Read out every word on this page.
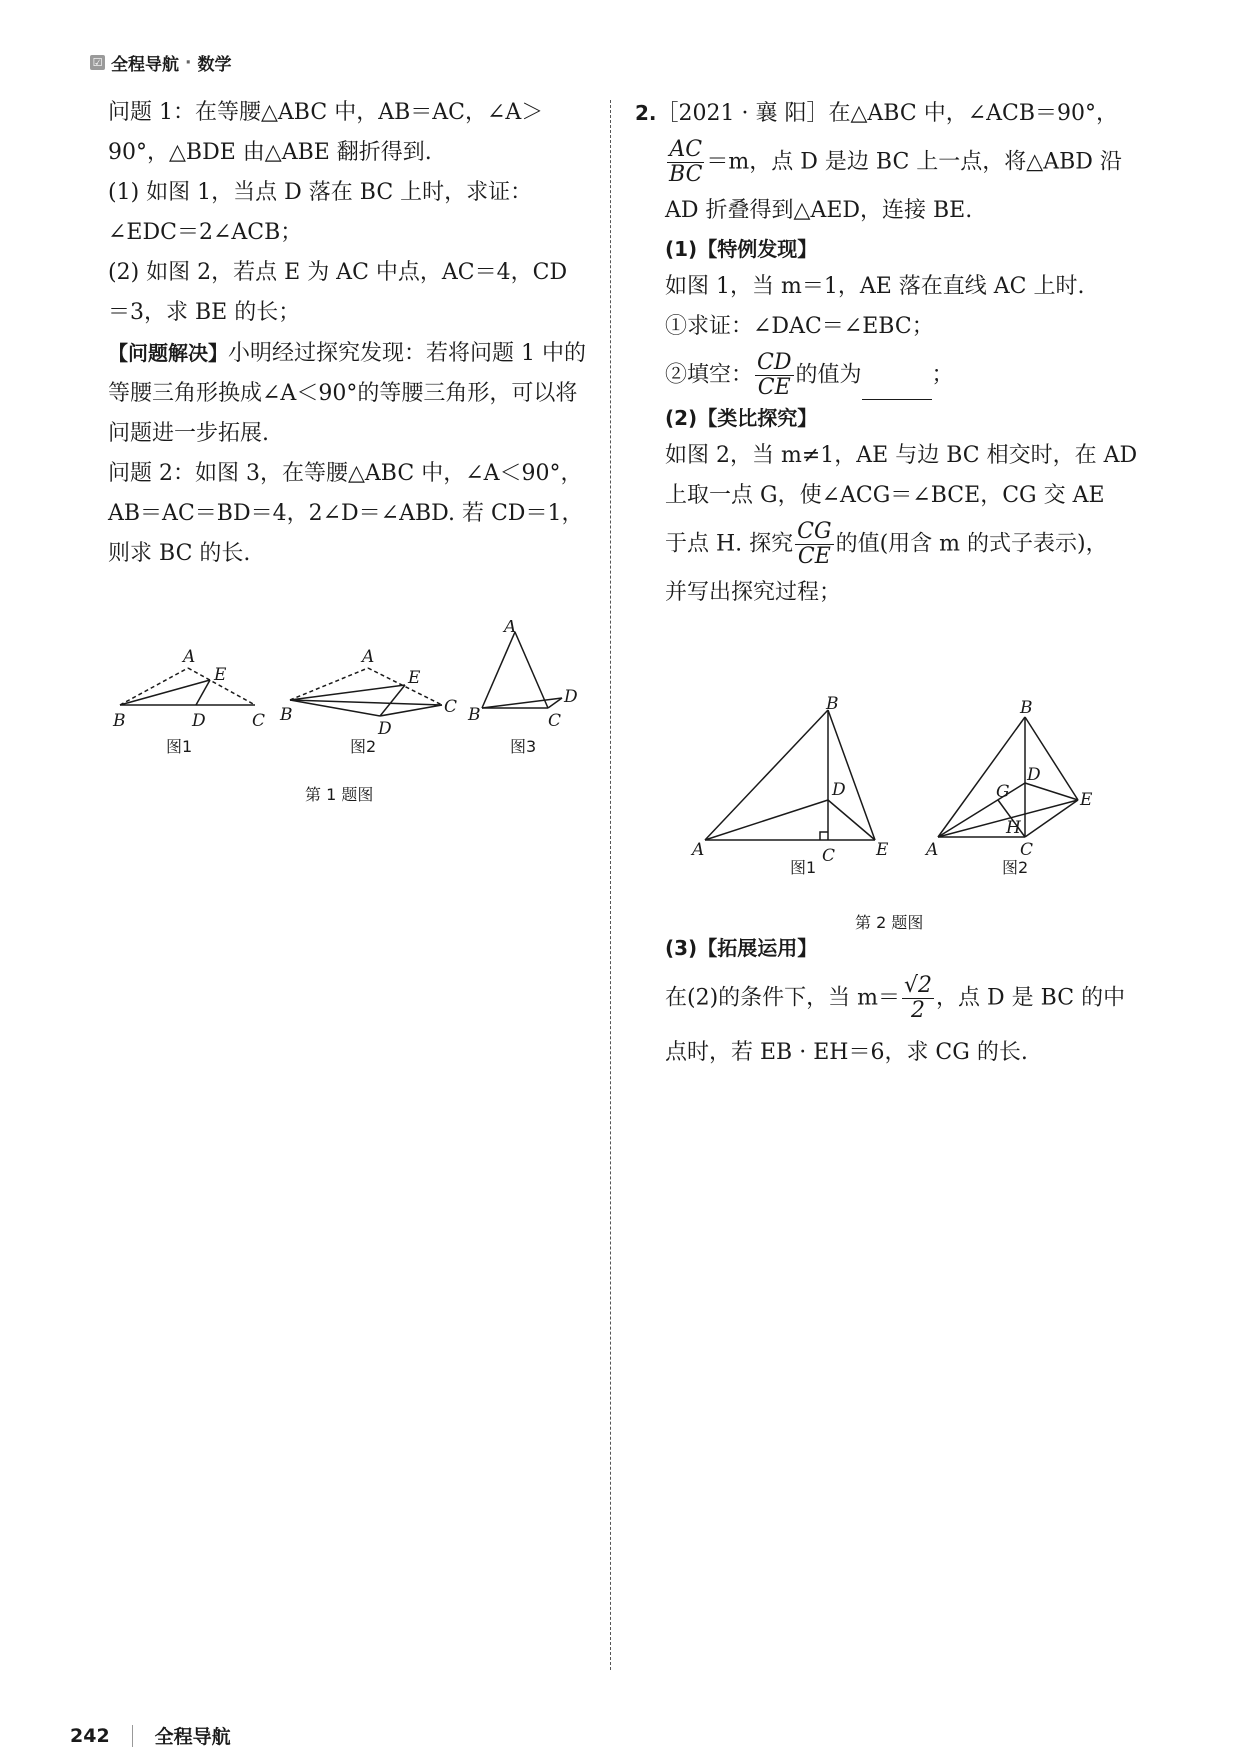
☑ 全程导航 · 数学

问题 1：在等腰△ABC 中，AB＝AC，∠A＞90°，△BDE 由△ABE 翻折得到.

(1) 如图 1，当点 D 落在 BC 上时，求证：

∠EDC＝2∠ACB；

(2) 如图 2，若点 E 为 AC 中点，AC＝4，CD＝3，求 BE 的长；

【问题解决】小明经过探究发现：若将问题 1 中的等腰三角形换成∠A＜90°的等腰三角形，可以将问题进一步拓展.

问题 2：如图 3，在等腰△ABC 中，∠A＜90°，AB＝AC＝BD＝4，2∠D＝∠ABD. 若 CD＝1，则求 BC 的长.

A
E
B	D	C
图1
A
E
B	C
D
图2
A
B	C
D
图3
第 1 题图

2.［2021 · 襄 阳］在△ABC 中，∠ACB＝90°，

$\frac{AC}{BC} =m$，点 D 是边 BC 上一点，将△ABD 沿

AD 折叠得到△AED，连接 BE.

(1)【特例发现】

如图 1，当 m＝1，AE 落在直线 AC 上时.

①求证：∠DAC＝∠EBC；

②填空： $\frac{CD}{CE}$ 的值为	；

(2)【类比探究】

如图 2，当 m≠1，AE 与边 BC 相交时，在 AD

上取一点 G，使∠ACG＝∠BCE，CG 交 AE

于点 H. 探究 $\frac{CG}{CE}$ 的值(用含 m 的式子表示)，

并写出探究过程；

B
D
A	C E
图1
B
D
G
H
E
A	C
图2
第 2 题图

(3)【拓展运用】

在(2)的条件下，当 $m= \frac{√2}{2}$ ，点 D 是 BC 的中

点时，若 EB · EH＝6，求 CG 的长.

242 全程导航
